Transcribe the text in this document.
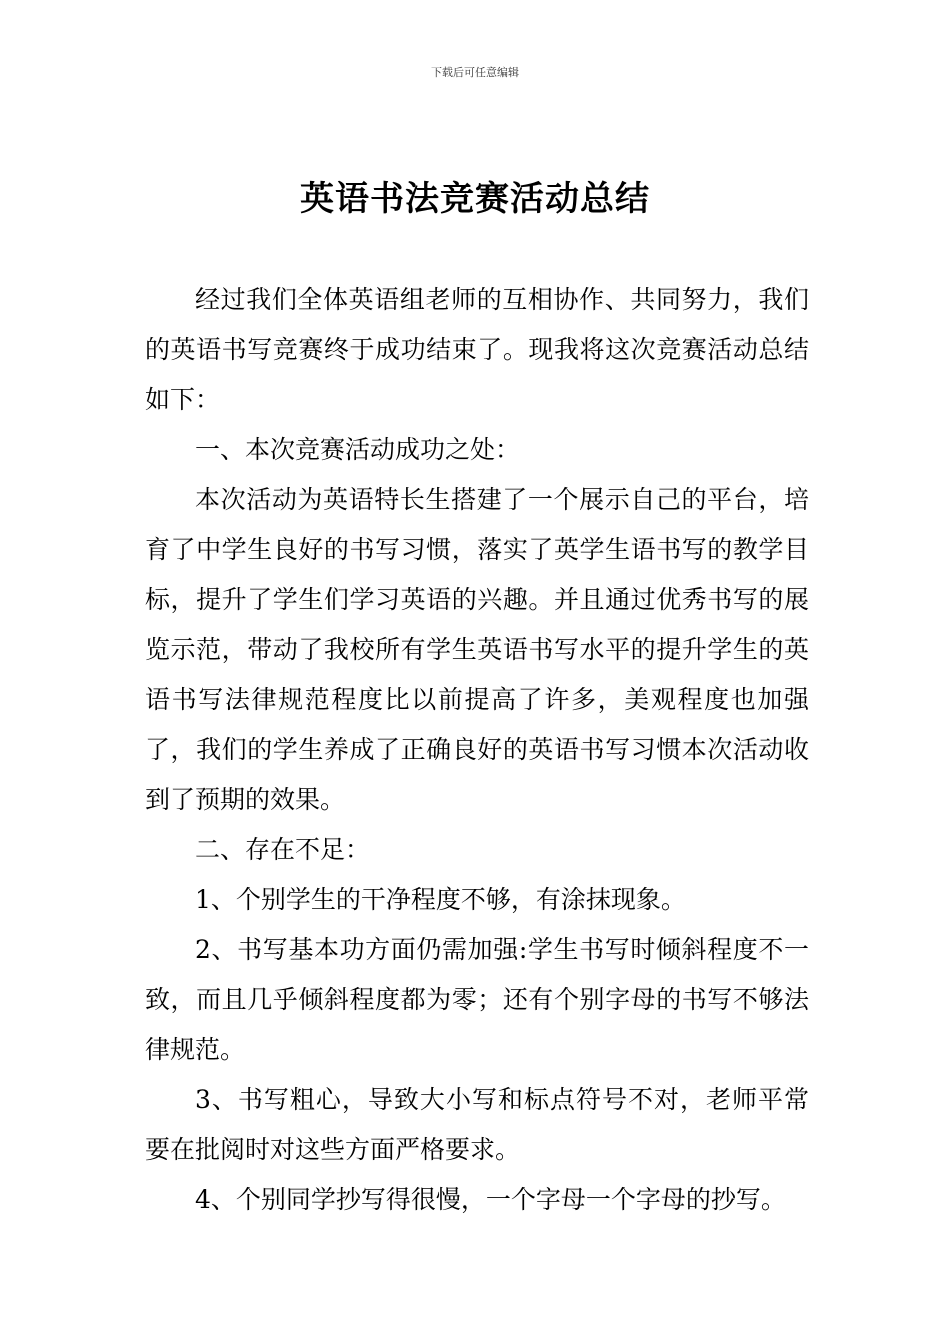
下载后可任意编辑
英语书法竞赛活动总结

经过我们全体英语组老师的互相协作、共同努力，我们的英语书写竞赛终于成功结束了。现我将这次竞赛活动总结如下：

一、本次竞赛活动成功之处：

本次活动为英语特长生搭建了一个展示自己的平台，培育了中学生良好的书写习惯，落实了英学生语书写的教学目标，提升了学生们学习英语的兴趣。并且通过优秀书写的展览示范，带动了我校所有学生英语书写水平的提升学生的英语书写法律规范程度比以前提高了许多，美观程度也加强了，我们的学生养成了正确良好的英语书写习惯本次活动收到了预期的效果。

二、存在不足：

1、个别学生的干净程度不够，有涂抹现象。

2、书写基本功方面仍需加强:学生书写时倾斜程度不一致，而且几乎倾斜程度都为零；还有个别字母的书写不够法律规范。

3、书写粗心，导致大小写和标点符号不对，老师平常要在批阅时对这些方面严格要求。

4、个别同学抄写得很慢，一个字母一个字母的抄写。
